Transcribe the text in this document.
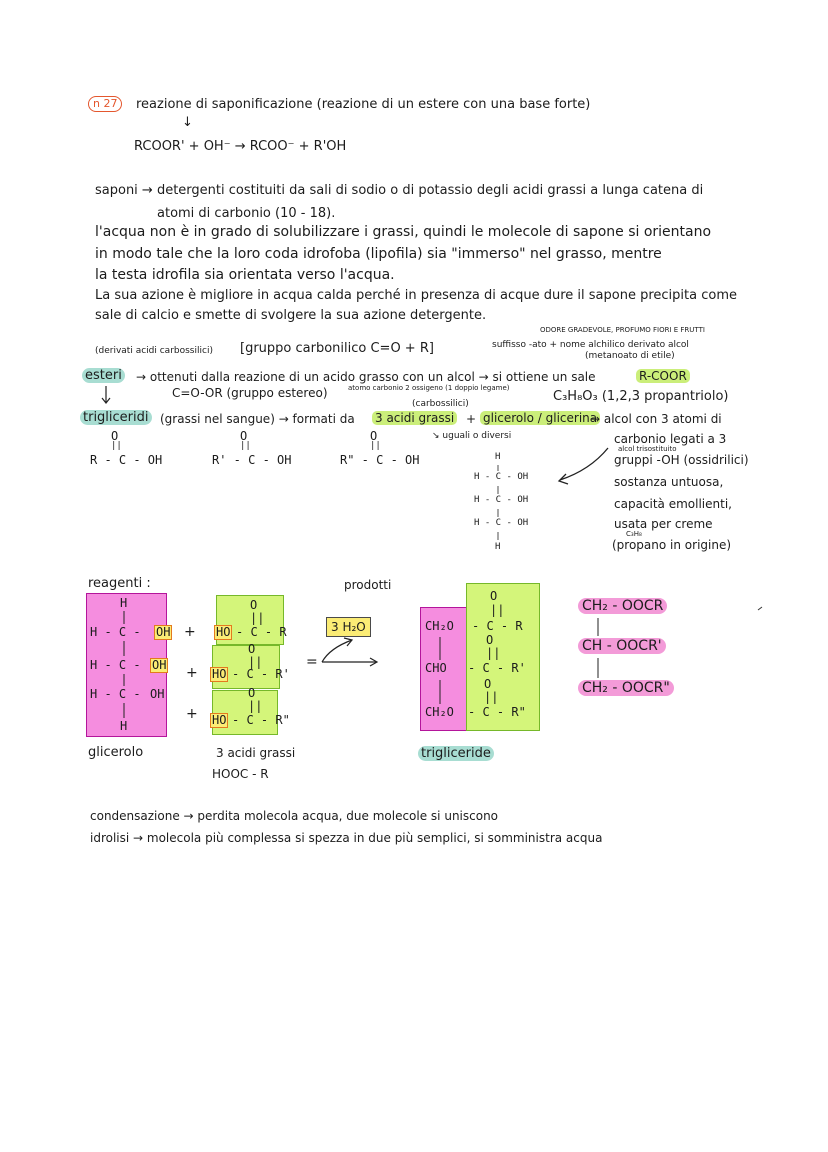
n 27	reazione di saponificazione (reazione di un estere con una base forte)
↓
RCOOR' + OH⁻ → RCOO⁻ + R'OH
saponi → detergenti costituiti da sali di sodio o di potassio degli acidi grassi a lunga catena di
atomi di carbonio (10 - 18).
l'acqua non è in grado di solubilizzare i grassi, quindi le molecole di sapone si orientano
in modo tale che la loro coda idrofoba (lipofila) sia "immerso" nel grasso, mentre
la testa idrofila sia orientata verso l'acqua.
La sua azione è migliore in acqua calda perché in presenza di acque dure il sapone precipita come
sale di calcio e smette di svolgere la sua azione detergente.
ODORE GRADEVOLE, PROFUMO FIORI E FRUTTI
(derivati acidi carbossilici) [gruppo carbonilico C=O + R]	suffisso -ato + nome alchilico derivato alcol
(metanoato di etile)
esteri → ottenuti dalla reazione di un acido grasso con un alcol → si ottiene un sale	R-COOR
(carbossilici)
C=O-OR (gruppo estereo)	atomo carbonio 2 ossigeno (1 doppio legame)
C₃H₈O₃ (1,2,3 propantriolo)
trigliceridi (grassi nel sangue) → formati da 3 acidi grassi + glicerolo / glicerina
→ alcol con 3 atomi di
↘ uguali o diversi
O
||
R - C - OH
O
||
R' - C - OH
O
||
R" - C - OH	H
H - C - OH
H - C - OH
H - C - OH
H
carbonio legati a 3
alcol trisostituito
gruppi -OH (ossidrilici)
sostanza untuosa,
capacità emollienti,
usata per creme
C₃H₈
(propano in origine)
reagenti :	prodotti
H
H - C -
H - C -
H - C -
H
OH
OH
OH
+
+
+
O
||
HO - C - R
O
||
HO - C - R'
O
||
HO - C - R"
3 H₂O
=
CH₂O
CHO
CH₂O
O
||
- C - R
O
||
- C - R'
O
||
- C - R"
CH₂ - OOCR
CH - OOCR'
CH₂ - OOCR"
glicerolo	3 acidi grassi
HOOC - R
trigliceride
condensazione → perdita molecola acqua, due molecole si uniscono
idrolisi → molecola più complessa si spezza in due più semplici, si somministra acqua
